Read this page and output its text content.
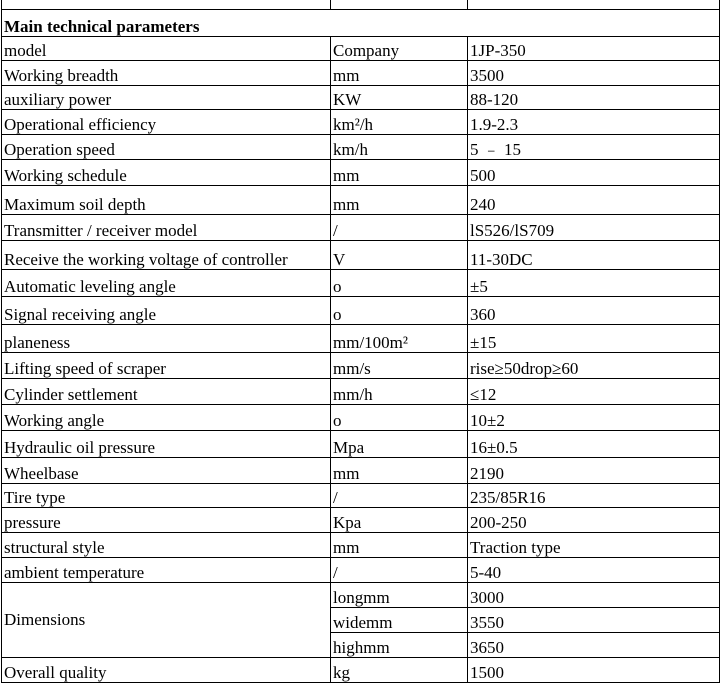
Main technical parameters		
model	Company	1JP-350
Working breadth	mm	3500
auxiliary power	KW	88-120
Operational efficiency	km²/h	1.9-2.3
Operation speed	km/h	5 ﹣ 15
Working schedule	mm	500
Maximum soil depth	mm	240
Transmitter / receiver model	/	lS526/lS709
Receive the working voltage of controller	V	11-30DC
Automatic leveling angle	o	±5
Signal receiving angle	o	360
planeness	mm/100m²	±15
Lifting speed of scraper	mm/s	rise≥50drop≥60
Cylinder settlement	mm/h	≤12
Working angle	o	10±2
Hydraulic oil pressure	Mpa	16±0.5
Wheelbase	mm	2190
Tire type	/	235/85R16
pressure	Kpa	200-250
structural style	mm	Traction type
ambient temperature	/	5-40
Dimensions	longmm	3000
	widemm	3550
	highmm	3650
Overall quality	kg	1500
